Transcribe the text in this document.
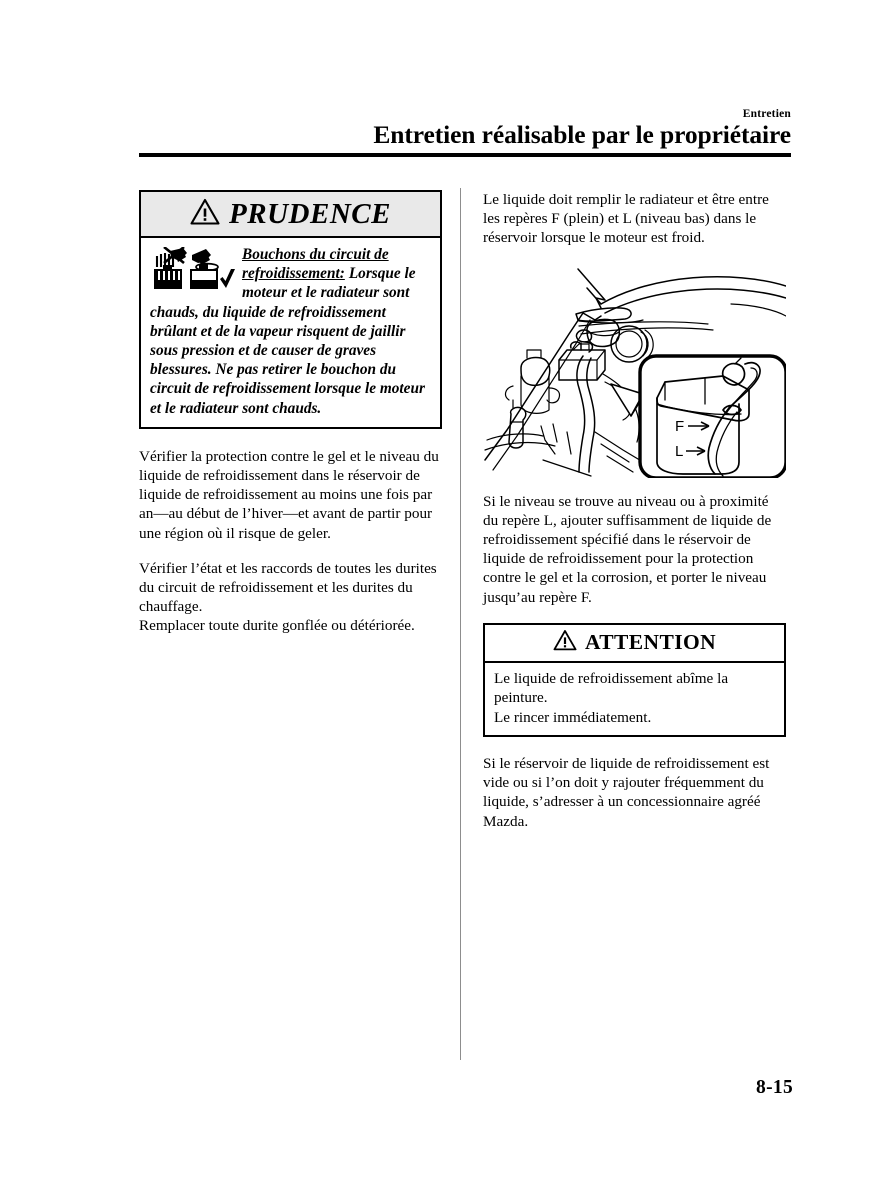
Entretien
Entretien réalisable par le propriétaire
PRUDENCE
Bouchons du circuit de refroidissement: Lorsque le moteur et le radiateur sont chauds, du liquide de refroidissement brûlant et de la vapeur risquent de jaillir sous pression et de causer de graves blessures. Ne pas retirer le bouchon du circuit de refroidissement lorsque le moteur et le radiateur sont chauds.

Vérifier la protection contre le gel et le niveau du liquide de refroidissement dans le réservoir de liquide de refroidissement au moins une fois par an—au début de l’hiver—et avant de partir pour une région où il risque de geler.

Vérifier l’état et les raccords de toutes les durites du circuit de refroidissement et les durites du chauffage.

Remplacer toute durite gonflée ou détériorée.

Le liquide doit remplir le radiateur et être entre les repères F (plein) et L (niveau bas) dans le réservoir lorsque le moteur est froid.

F
L

Si le niveau se trouve au niveau ou à proximité du repère L, ajouter suffisamment de liquide de refroidissement spécifié dans le réservoir de liquide de refroidissement pour la protection contre le gel et la corrosion, et porter le niveau jusqu’au repère F.

ATTENTION
Le liquide de refroidissement abîme la peinture.
Le rincer immédiatement.

Si le réservoir de liquide de refroidissement est vide ou si l’on doit y rajouter fréquemment du liquide, s’adresser à un concessionnaire agréé Mazda.

8-15
